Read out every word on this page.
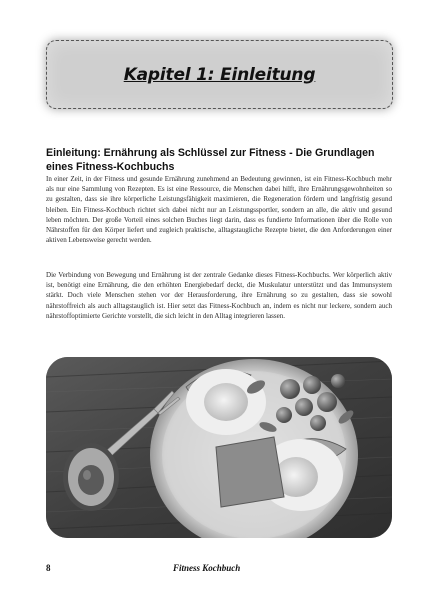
Kapitel 1: Einleitung
Einleitung: Ernährung als Schlüssel zur Fitness - Die Grundlagen eines Fitness-Kochbuchs

In einer Zeit, in der Fitness und gesunde Ernährung zunehmend an Bedeutung gewinnen, ist ein Fitness-Kochbuch mehr als nur eine Sammlung von Rezepten. Es ist eine Ressource, die Menschen dabei hilft, ihre Ernährungsgewohnheiten so zu gestalten, dass sie ihre körperliche Leistungsfähigkeit maximieren, die Regeneration fördern und langfristig gesund bleiben. Ein Fitness-Kochbuch richtet sich dabei nicht nur an Leistungssportler, sondern an alle, die aktiv und gesund leben möchten. Der große Vorteil eines solchen Buches liegt darin, dass es fundierte Informationen über die Rolle von Nährstoffen für den Körper liefert und zugleich praktische, alltagstaugliche Rezepte bietet, die den Anforderungen einer aktiven Lebensweise gerecht werden.

Die Verbindung von Bewegung und Ernährung ist der zentrale Gedanke dieses Fitness-Kochbuchs. Wer körperlich aktiv ist, benötigt eine Ernährung, die den erhöhten Energiebedarf deckt, die Muskulatur unterstützt und das Immunsystem stärkt. Doch viele Menschen stehen vor der Herausforderung, ihre Ernährung so zu gestalten, dass sie sowohl nährstoffreich als auch alltagstauglich ist. Hier setzt das Fitness-Kochbuch an, indem es nicht nur leckere, sondern auch nährstoffoptimierte Gerichte vorstellt, die sich leicht in den Alltag integrieren lassen.

8	Fitness Kochbuch
